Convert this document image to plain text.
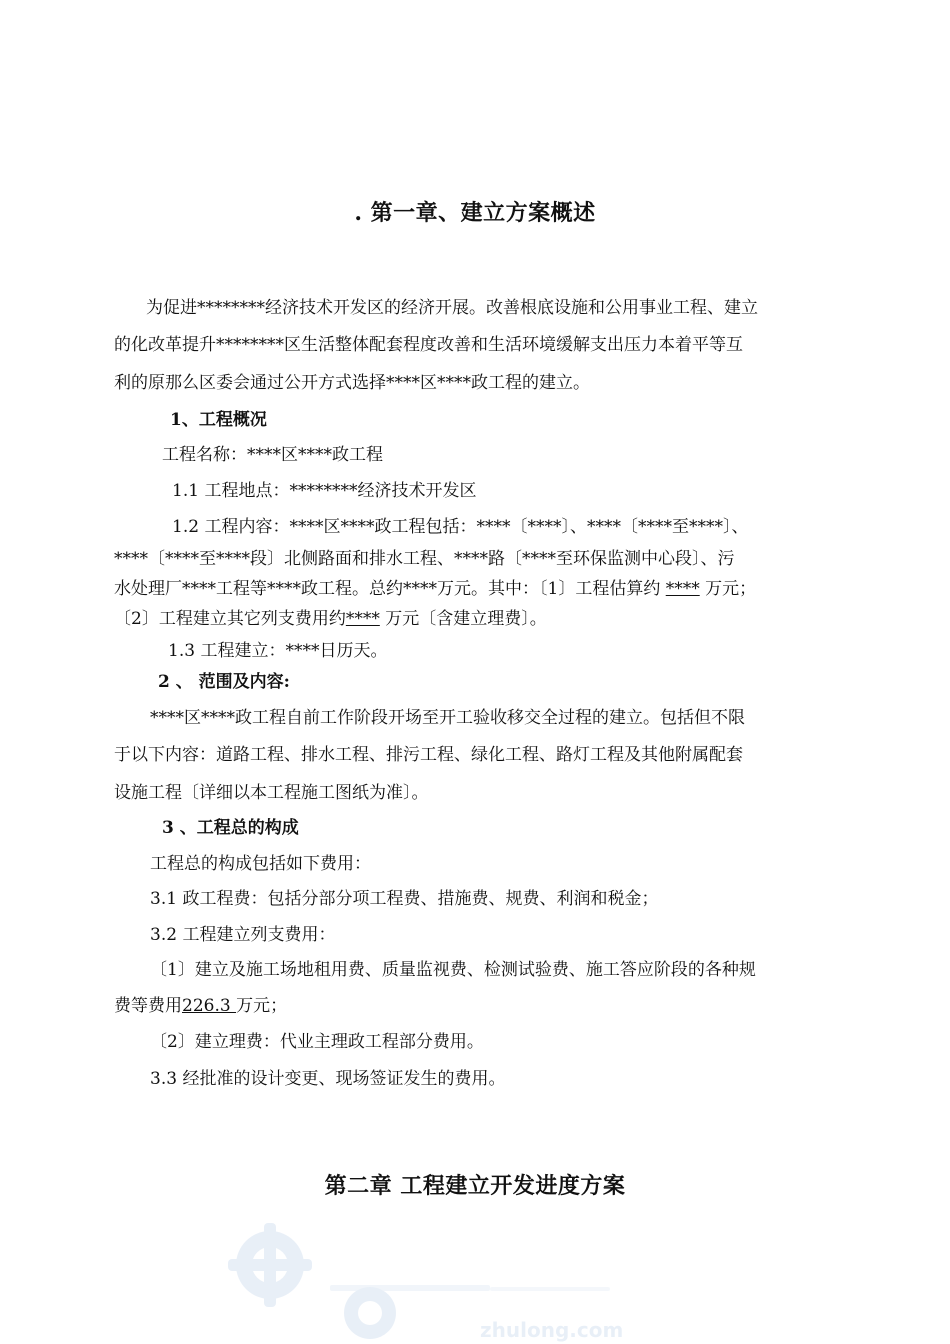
. 第一章、建立方案概述
为促进********经济技术开发区的经济开展。改善根底设施和公用事业工程、建立
的化改革提升********区生活整体配套程度改善和生活环境缓解支出压力本着平等互
利的原那么区委会通过公开方式选择****区****政工程的建立。
1、工程概况
工程名称：****区****政工程
1.1 工程地点：********经济技术开发区
1.2 工程内容：****区****政工程包括：****〔****〕、****〔****至****〕、
****〔****至****段〕北侧路面和排水工程、****路〔****至环保监测中心段〕、污
水处理厂****工程等****政工程。总约****万元。其中：〔1〕工程估算约 **** 万元；
〔2〕工程建立其它列支费用约**** 万元〔含建立理费〕。
1.3 工程建立：****日历天。
2 、 范围及内容:
****区****政工程自前工作阶段开场至开工验收移交全过程的建立。包括但不限
于以下内容：道路工程、排水工程、排污工程、绿化工程、路灯工程及其他附属配套
设施工程〔详细以本工程施工图纸为准〕。
3 、工程总的构成
工程总的构成包括如下费用：
3.1 政工程费：包括分部分项工程费、措施费、规费、利润和税金；
3.2 工程建立列支费用：
〔1〕建立及施工场地租用费、质量监视费、检测试验费、施工答应阶段的各种规
费等费用226.3 万元；
〔2〕建立理费：代业主理政工程部分费用。
3.3 经批准的设计变更、现场签证发生的费用。
第二章 工程建立开发进度方案
zhulong.com
